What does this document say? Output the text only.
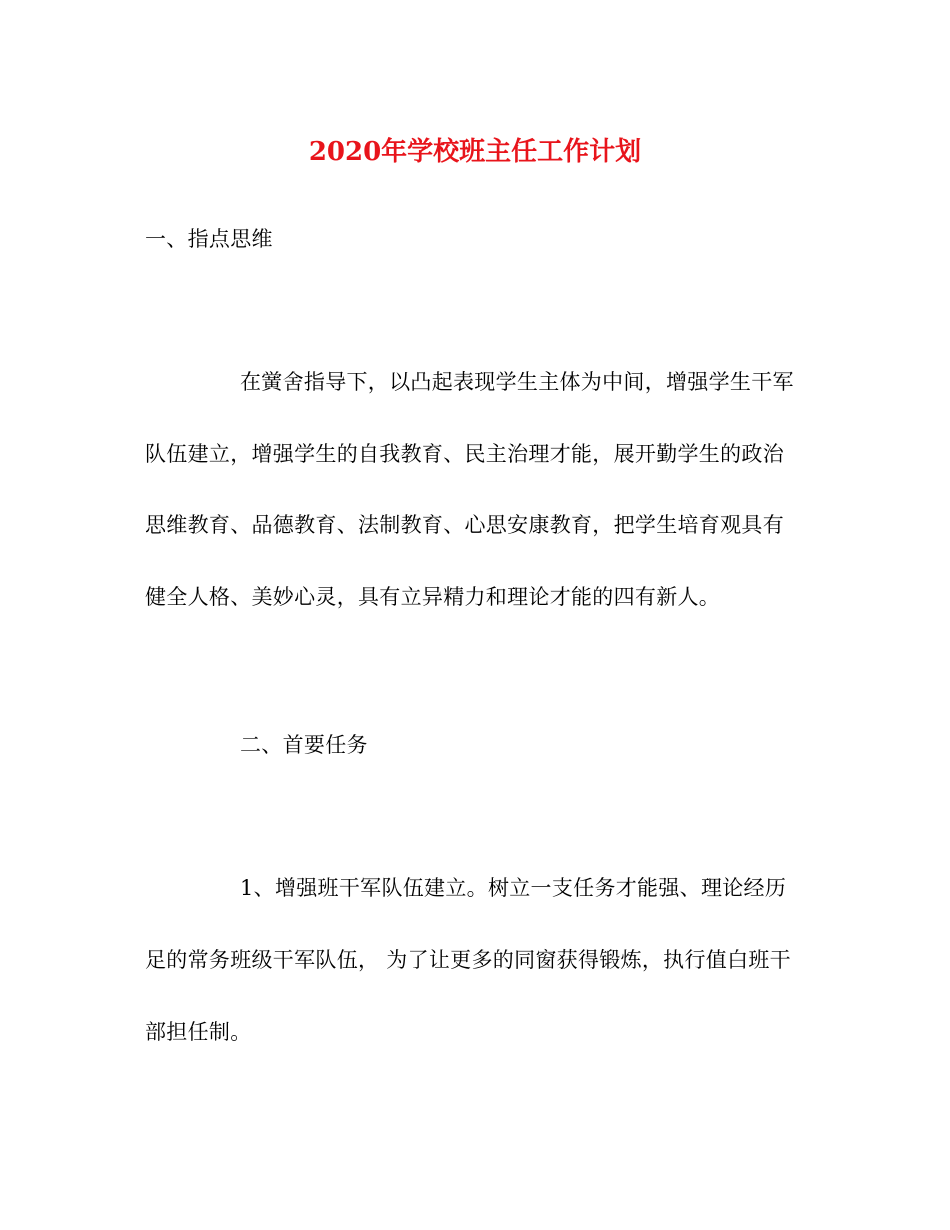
2020年学校班主任工作计划
一、指点思维
在黉舍指导下，以凸起表现学生主体为中间，增强学生干军
队伍建立，增强学生的自我教育、民主治理才能，展开勤学生的政治
思维教育、品德教育、法制教育、心思安康教育，把学生培育观具有
健全人格、美妙心灵，具有立异精力和理论才能的四有新人。
二、首要任务
1、增强班干军队伍建立。树立一支任务才能强、理论经历
足的常务班级干军队伍， 为了让更多的同窗获得锻炼，执行值白班干
部担任制。
